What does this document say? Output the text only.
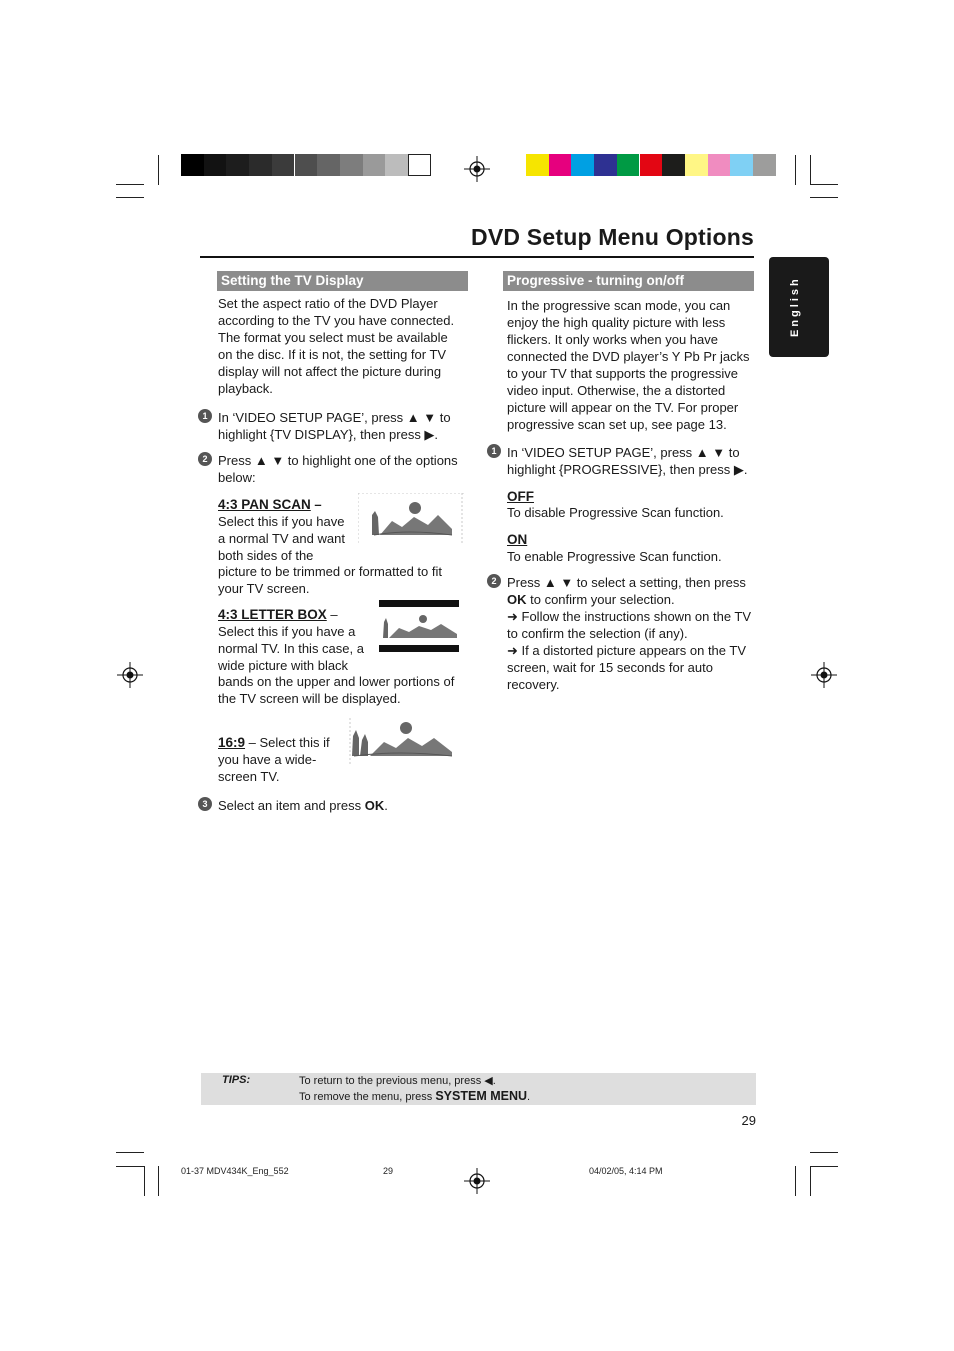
DVD Setup Menu Options
English
Setting the TV Display
Set the aspect ratio of the DVD Player according to the TV you have connected. The format you select must be available on the disc. If it is not, the setting for TV display will not affect the picture during playback.
1 In ‘VIDEO SETUP PAGE’, press ▲ ▼ to highlight {TV DISPLAY}, then press ▶.
2 Press ▲ ▼ to highlight one of the options below:
4:3 PAN SCAN –
Select this if you have a normal TV and want both sides of the
picture to be trimmed or formatted to fit your TV screen.
4:3 LETTER BOX –
Select this if you have a normal TV. In this case, a wide picture with black
bands on the upper and lower portions of the TV screen will be displayed.
16:9 – Select this if you have a wide-screen TV.
3 Select an item and press OK.
Progressive - turning on/off
In the progressive scan mode, you can enjoy the high quality picture with less flickers. It only works when you have connected the DVD player’s Y Pb Pr jacks to your TV that supports the progressive video input. Otherwise, the a distorted picture will appear on the TV. For proper progressive scan set up, see page 13.
1 In ‘VIDEO SETUP PAGE’, press ▲ ▼ to highlight {PROGRESSIVE}, then press ▶.
OFF
To disable Progressive Scan function.
ON
To enable Progressive Scan function.
2 Press ▲ ▼ to select a setting, then press OK to confirm your selection.
➜ Follow the instructions shown on the TV to confirm the selection (if any).
➜ If a distorted picture appears on the TV screen, wait for 15 seconds for auto recovery.
TIPS:	To return to the previous menu, press ◀.
To remove the menu, press SYSTEM MENU.
29
01-37 MDV434K_Eng_552	29	04/02/05, 4:14 PM
